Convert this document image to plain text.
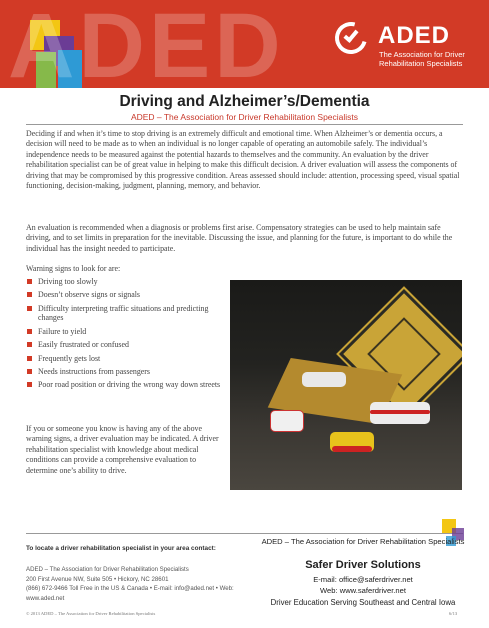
ADED	ADED
The Association for Driver Rehabilitation Specialists
Driving and Alzheimer’s/Dementia
ADED – The Association for Driver Rehabilitation Specialists

Deciding if and when it’s time to stop driving is an extremely difficult and emotional time. When Alzheimer’s or dementia occurs, a decision will need to be made as to when an individual is no longer capable of operating an automobile safely. The individual’s independence needs to be measured against the potential hazards to themselves and the community. An evaluation by the driver rehabilitation specialist can be of great value in helping to make this difficult decision. A driver evaluation will assess the components of driving that may be compromised by this progressive condition. Areas assessed should include: attention, processing speed, visual spatial functioning, decision-making, judgment, planning, memory, and behavior.

An evaluation is recommended when a diagnosis or problems first arise. Compensatory strategies can be used to help maintain safe driving, and to set limits in preparation for the inevitable. Discussing the issue, and planning for the future, is important to do while the individual has the insight needed to participate.

Warning signs to look for are:
Driving too slowly
Doesn’t observe signs or signals
Difficulty interpreting traffic situations and predicting changes
Failure to yield
Easily frustrated or confused
Frequently gets lost
Needs instructions from passengers
Poor road position or driving the wrong way down streets

If you or someone you know is having any of the above warning signs, a driver evaluation may be indicated. A driver rehabilitation specialist with knowledge about medical conditions can provide a comprehensive evaluation to determine one’s ability to drive.

To locate a driver rehabilitation specialist in your area contact:
ADED – The Association for Driver Rehabilitation Specialists
200 First Avenue NW, Suite 505 • Hickory, NC 28601
(866) 672-9466 Toll Free in the US & Canada • E-mail: info@aded.net • Web: www.aded.net
ADED – The Association for Driver Rehabilitation Specialists
Safer Driver Solutions
E-mail: office@saferdriver.net
Web: www.saferdriver.net
Driver Education Serving Southeast and Central Iowa
© 2013 ADED – The Association for Driver Rehabilitation Specialists	6/13
